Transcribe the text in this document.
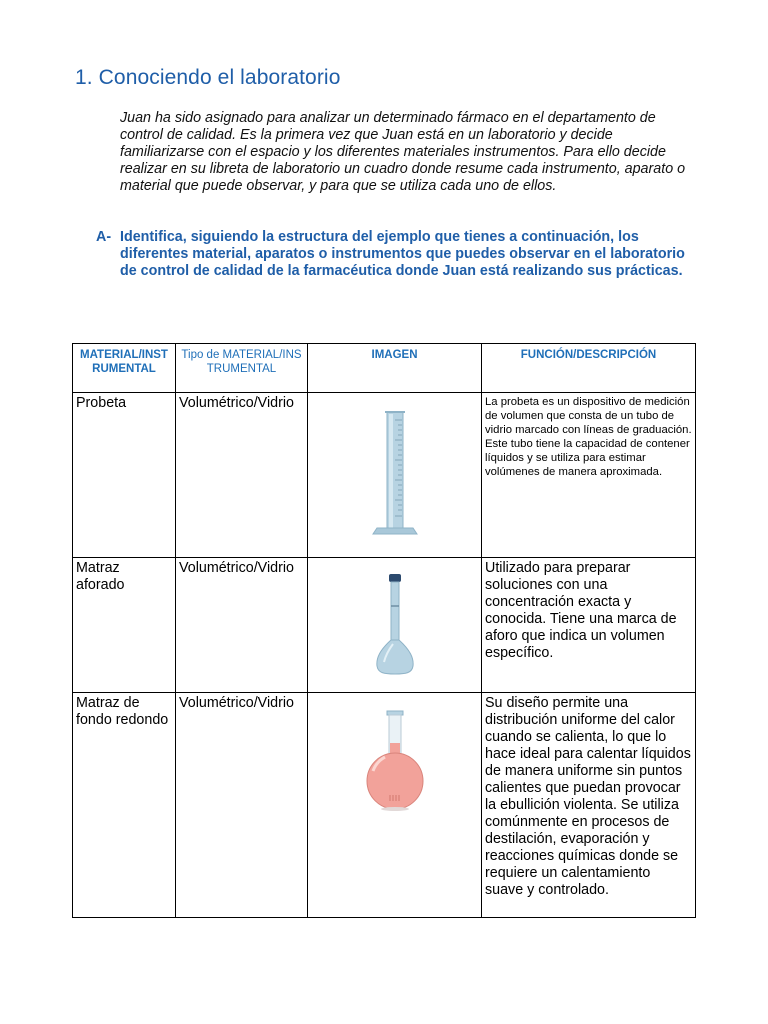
1. Conociendo el laboratorio

Juan ha sido asignado para analizar un determinado fármaco en el departamento de control de calidad. Es la primera vez que Juan está en un laboratorio y decide familiarizarse con el espacio y los diferentes materiales instrumentos. Para ello decide realizar en su libreta de laboratorio un cuadro donde resume cada instrumento, aparato o material que puede observar, y para que se utiliza cada uno de ellos.

A- Identifica, siguiendo la estructura del ejemplo que tienes a continuación, los diferentes material, aparatos o instrumentos que puedes observar en el laboratorio de control de calidad de la farmacéutica donde Juan está realizando sus prácticas.
MATERIAL/INSTRUMENTAL	Tipo de MATERIAL/INSTRUMENTAL	IMAGEN	FUNCIÓN/DESCRIPCIÓN
Probeta	Volumétrico/Vidrio		La probeta es un dispositivo de medición de volumen que consta de un tubo de vidrio marcado con líneas de graduación. Este tubo tiene la capacidad de contener líquidos y se utiliza para estimar volúmenes de manera aproximada.
Matraz aforado	Volumétrico/Vidrio		Utilizado para preparar soluciones con una concentración exacta y conocida. Tiene una marca de aforo que indica un volumen específico.
Matraz de fondo redondo	Volumétrico/Vidrio		Su diseño permite una distribución uniforme del calor cuando se calienta, lo que lo hace ideal para calentar líquidos de manera uniforme sin puntos calientes que puedan provocar la ebullición violenta. Se utiliza comúnmente en procesos de destilación, evaporación y reacciones químicas donde se requiere un calentamiento suave y controlado.
